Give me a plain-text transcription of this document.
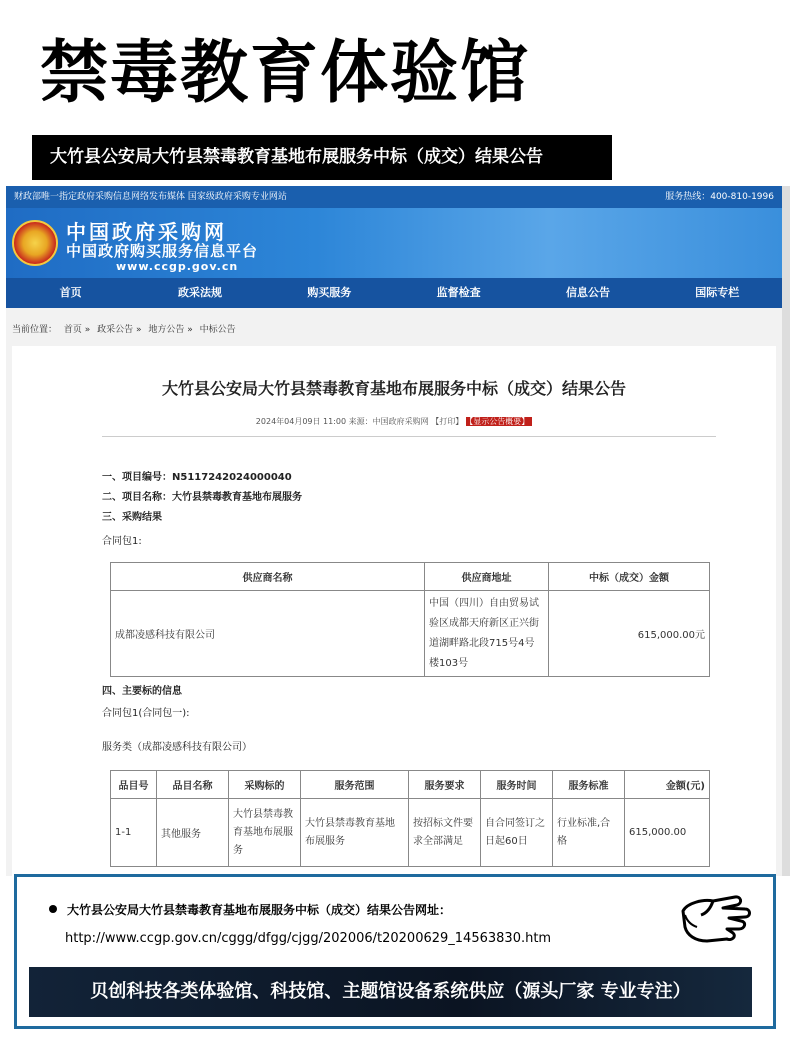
禁毒教育体验馆
大竹县公安局大竹县禁毒教育基地布展服务中标（成交）结果公告
财政部唯一指定政府采购信息网络发布媒体 国家级政府采购专业网站	服务热线：400-810-1996
中国政府采购网
中国政府购买服务信息平台
www.ccgp.gov.cn
首页	政采法规	购买服务	监督检查	信息公告	国际专栏
当前位置： 首页 » 政采公告 » 地方公告 » 中标公告
大竹县公安局大竹县禁毒教育基地布展服务中标（成交）结果公告
2024年04月09日 11:00 来源：中国政府采购网 【打印】 【显示公告概要】
一、项目编号：N5117242024000040
二、项目名称：大竹县禁毒教育基地布展服务
三、采购结果
合同包1:
供应商名称	供应商地址	中标（成交）金额
成都凌感科技有限公司	中国（四川）自由贸易试验区成都天府新区正兴街道湖畔路北段715号4号楼103号	615,000.00元
四、主要标的信息
合同包1(合同包一):
服务类（成都凌感科技有限公司）
品目号	品目名称	采购标的	服务范围	服务要求	服务时间	服务标准	金额(元)
1-1	其他服务	大竹县禁毒教育基地布展服务	大竹县禁毒教育基地布展服务	按招标文件要求全部满足	自合同签订之日起60日	行业标准,合格	615,000.00
大竹县公安局大竹县禁毒教育基地布展服务中标（成交）结果公告网址：
http://www.ccgp.gov.cn/cggg/dfgg/cjgg/202006/t20200629_14563830.htm
贝创科技各类体验馆、科技馆、主题馆设备系统供应（源头厂家 专业专注）
